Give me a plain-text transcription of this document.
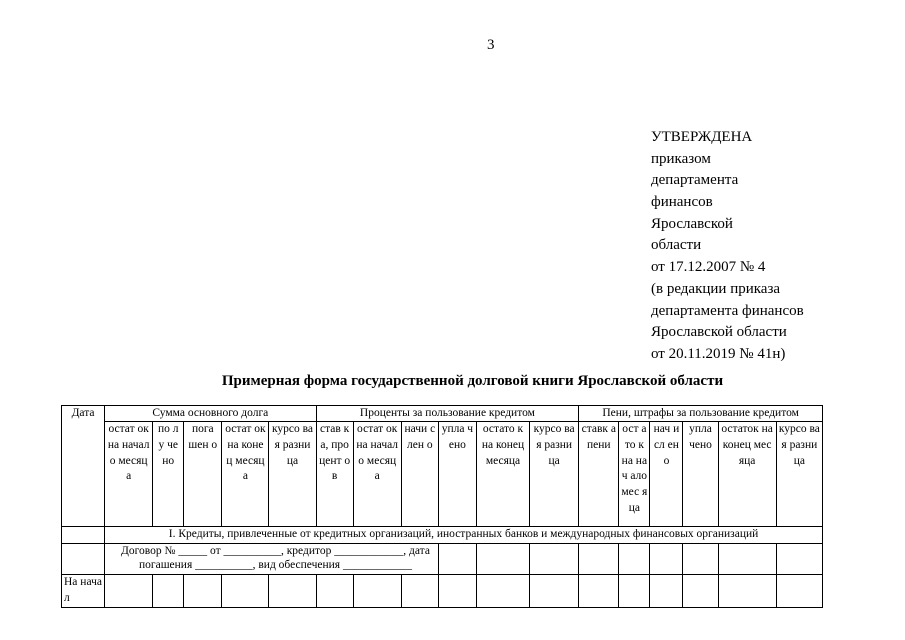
3
УТВЕРЖДЕНА
приказом
департамента
финансов
Ярославской
области
от 17.12.2007 № 4
(в редакции приказа
департамента финансов
Ярославской области
от 20.11.2019 № 41н)
Примерная форма государственной долговой книги Ярославской области
Дата	Сумма основного долга					Проценты за пользование кредитом						Пени, штрафы за пользование кредитом					
	остат ок на начал о месяц а	по лу че но	пога шен о	остат ок на конец месяц а	курсо вая разни ца	став ка, про цент ов	остат ок на начал о месяц а	начи слен о	упла чено	остато к на конец месяца	курсо вая разни ца	ставк а пени	ост ато к на нач ало мес яца	нач исл ено	упла чено	остаток на конец месяца	курсо вая разни ца
	I. Кредиты, привлеченные от кредитных организаций, иностранных банков и международных финансовых организаций																

	Договор № _____ от __________, кредитор ____________, дата
погашения __________, вид обеспечения ____________																

На начал																	
